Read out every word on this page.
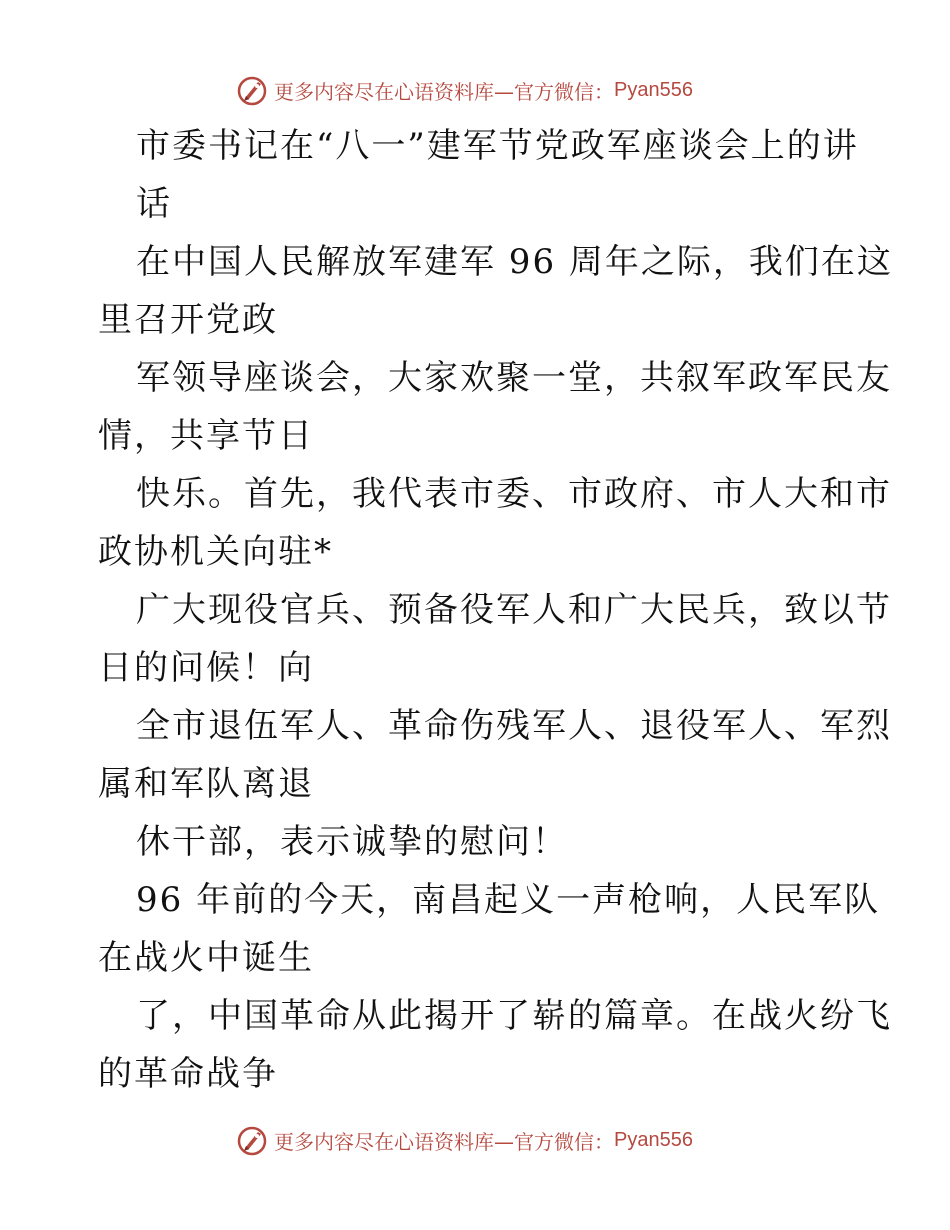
更多内容尽在心语资料库 —官方微信： Pyan556
市委书记在“八一”建军节党政军座谈会上的讲
话
在中国人民解放军建军 96 周年之际，我们在这
里召开党政
军领导座谈会，大家欢聚一堂，共叙军政军民友
情，共享节日
快乐。首先，我代表市委、市政府、市人大和市
政协机关向驻*
广大现役官兵、预备役军人和广大民兵，致以节
日的问候！向
全市退伍军人、革命伤残军人、退役军人、军烈
属和军队离退
休干部，表示诚挚的慰问！
96 年前的今天，南昌起义一声枪响，人民军队
在战火中诞生
了，中国革命从此揭开了崭的篇章。在战火纷飞
的革命战争
更多内容尽在心语资料库 —官方微信： Pyan556
